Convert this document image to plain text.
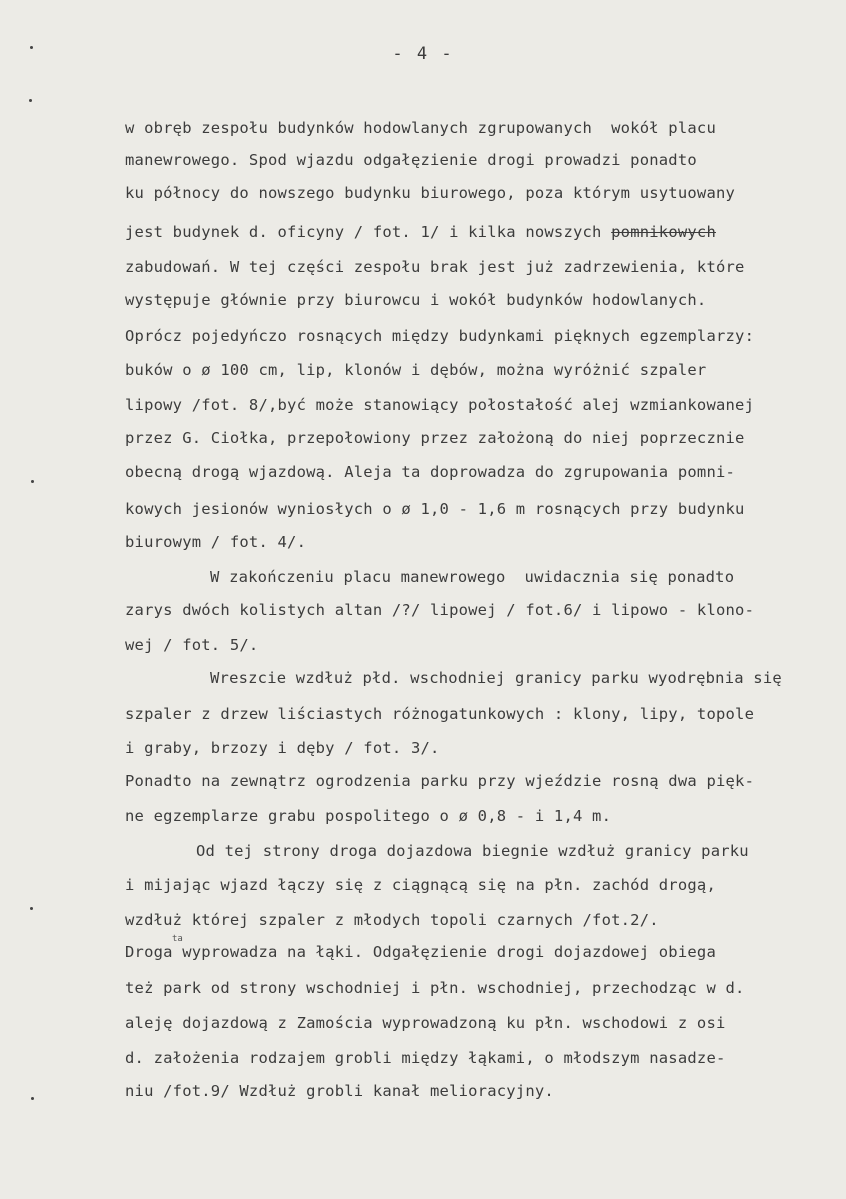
- 4 -
w obręb zespołu budynków hodowlanych zgrupowanych  wokół placu
manewrowego. Spod wjazdu odgałęzienie drogi prowadzi ponadto
ku północy do nowszego budynku biurowego, poza którym usytuowany
jest budynek d. oficyny / fot. 1/ i kilka nowszych pomnikowych
zabudowań. W tej części zespołu brak jest już zadrzewienia, które
występuje głównie przy biurowcu i wokół budynków hodowlanych.
Oprócz pojedyńczo rosnących między budynkami pięknych egzemplarzy:
buków o ø 100 cm, lip, klonów i dębów, można wyróżnić szpaler
lipowy /fot. 8/,być może stanowiący połostałość alej wzmiankowanej
przez G. Ciołka, przepołowiony przez założoną do niej poprzecznie
obecną drogą wjazdową. Aleja ta doprowadza do zgrupowania pomni-
kowych jesionów wyniosłych o ø 1,0 - 1,6 m rosnących przy budynku
biurowym / fot. 4/.
W zakończeniu placu manewrowego  uwidacznia się ponadto
zarys dwóch kolistych altan /?/ lipowej / fot.6/ i lipowo - klono-
wej / fot. 5/.
Wreszcie wzdłuż płd. wschodniej granicy parku wyodrębnia się
szpaler z drzew liściastych różnogatunkowych : klony, lipy, topole
i graby, brzozy i dęby / fot. 3/.
Ponadto na zewnątrz ogrodzenia parku przy wjeździe rosną dwa pięk-
ne egzemplarze grabu pospolitego o ø 0,8 - i 1,4 m.
Od tej strony droga dojazdowa biegnie wzdłuż granicy parku
i mijając wjazd łączy się z ciągnącą się na płn. zachód drogą,
wzdłuż której szpaler z młodych topoli czarnych /fot.2/.
Droga wyprowadza na łąki. Odgałęzienie drogi dojazdowej obiega
też park od strony wschodniej i płn. wschodniej, przechodząc w d.
aleję dojazdową z Zamościa wyprowadzoną ku płn. wschodowi z osi
d. założenia rodzajem grobli między łąkami, o młodszym nasadze-
niu /fot.9/ Wzdłuż grobli kanał melioracyjny.
ta
